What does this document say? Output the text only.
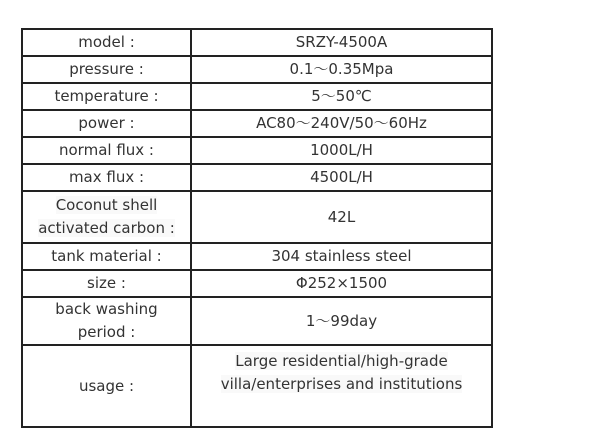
model :	SRZY-4500A
pressure :	0.1～0.35Mpa
temperature :	5～50℃
power :	AC80～240V/50～60Hz
normal flux :	1000L/H
max flux :	4500L/H
Coconut shell activated carbon :	42L
tank material :	304 stainless steel
size :	Φ252×1500
back washing period :	1～99day
usage :	Large residential/high-grade villa/enterprises and institutions
